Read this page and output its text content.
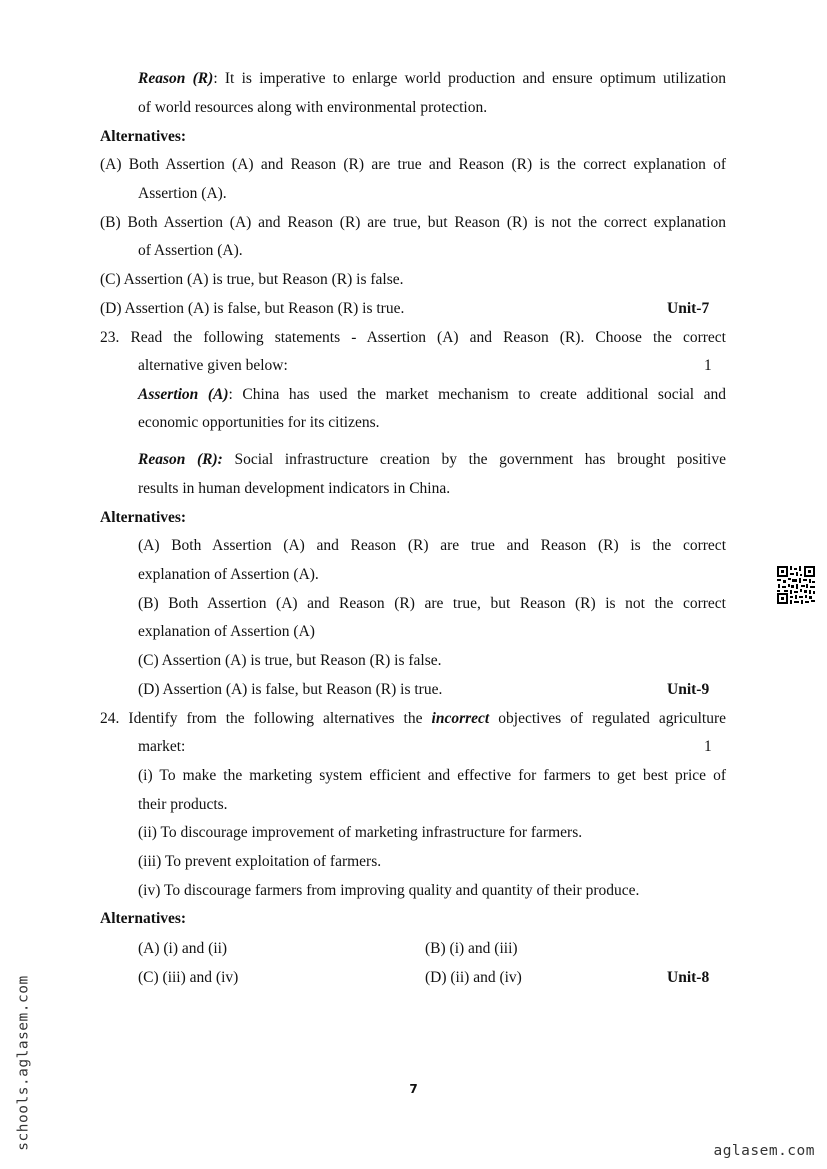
Reason (R): It is imperative to enlarge world production and ensure optimum utilization
of world resources along with environmental protection.
Alternatives:
(A) Both Assertion (A) and Reason (R) are true and Reason (R) is the correct explanation of
Assertion (A).
(B) Both Assertion (A) and Reason (R) are true, but Reason (R) is not the correct explanation
of Assertion (A).
(C) Assertion (A) is true, but Reason (R) is false.
(D) Assertion (A) is false, but Reason (R) is true.	Unit-7
23. Read the following statements - Assertion (A) and Reason (R). Choose the correct
alternative given below:	1
Assertion (A): China has used the market mechanism to create additional social and
economic opportunities for its citizens.
Reason (R): Social infrastructure creation by the government has brought positive
results in human development indicators in China.
Alternatives:
(A) Both Assertion (A) and Reason (R) are true and Reason (R) is the correct
explanation of Assertion (A).
(B) Both Assertion (A) and Reason (R) are true, but Reason (R) is not the correct
explanation of Assertion (A)
(C) Assertion (A) is true, but Reason (R) is false.
(D) Assertion (A) is false, but Reason (R) is true.	Unit-9
24. Identify from the following alternatives the incorrect objectives of regulated agriculture
market:	1
(i) To make the marketing system efficient and effective for farmers to get best price of
their products.
(ii) To discourage improvement of marketing infrastructure for farmers.
(iii) To prevent exploitation of farmers.
(iv) To discourage farmers from improving quality and quantity of their produce.
Alternatives:
(A) (i) and (ii)	(B) (i) and (iii)
(C) (iii) and (iv)	(D) (ii) and (iv)	Unit-8
7
schools.aglasem.com
aglasem.com
